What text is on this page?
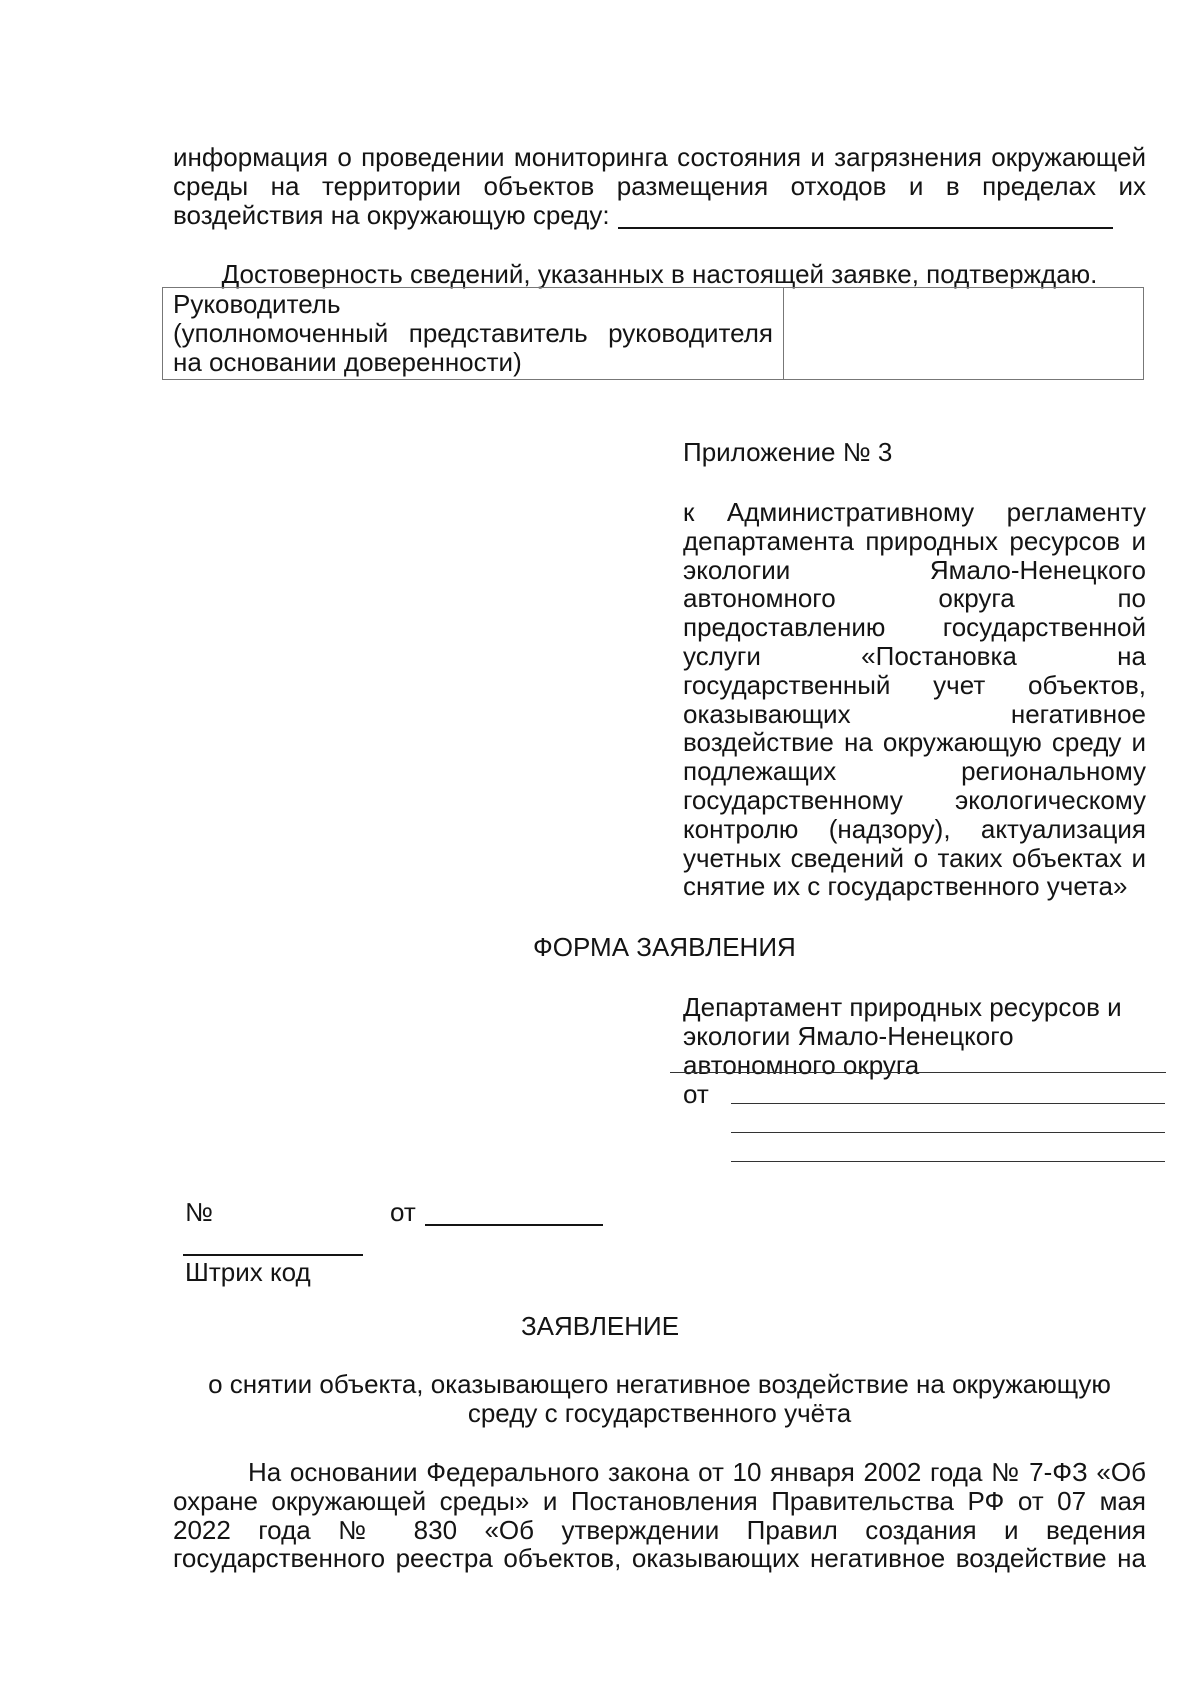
информация о проведении мониторинга состояния и загрязнения окружающей
среды на территории объектов размещения отходов и в пределах их
воздействия на окружающую среду:
Достоверность сведений, указанных в настоящей заявке, подтверждаю.
Руководитель
(уполномоченный представитель руководителя
на основании доверенности)

Приложение № 3
к Административному регламенту
департамента природных ресурсов и
экологии Ямало-Ненецкого
автономного округа по
предоставлению государственной
услуги «Постановка на
государственный учет объектов,
оказывающих негативное
воздействие на окружающую среду и
подлежащих региональному
государственному экологическому
контролю (надзору), актуализация
учетных сведений о таких объектах и
снятие их с государственного учета»
ФОРМА ЗАЯВЛЕНИЯ
Департамент природных ресурсов и
экологии Ямало-Ненецкого
автономного округа
от
№	от
Штрих код
ЗАЯВЛЕНИЕ
о снятии объекта, оказывающего негативное воздействие на окружающую
среду с государственного учёта
На основании Федерального закона от 10 января 2002 года № 7-ФЗ «Об
охране окружающей среды» и Постановления Правительства РФ от 07 мая
2022 года № 830 «Об утверждении Правил создания и ведения
государственного реестра объектов, оказывающих негативное воздействие на
